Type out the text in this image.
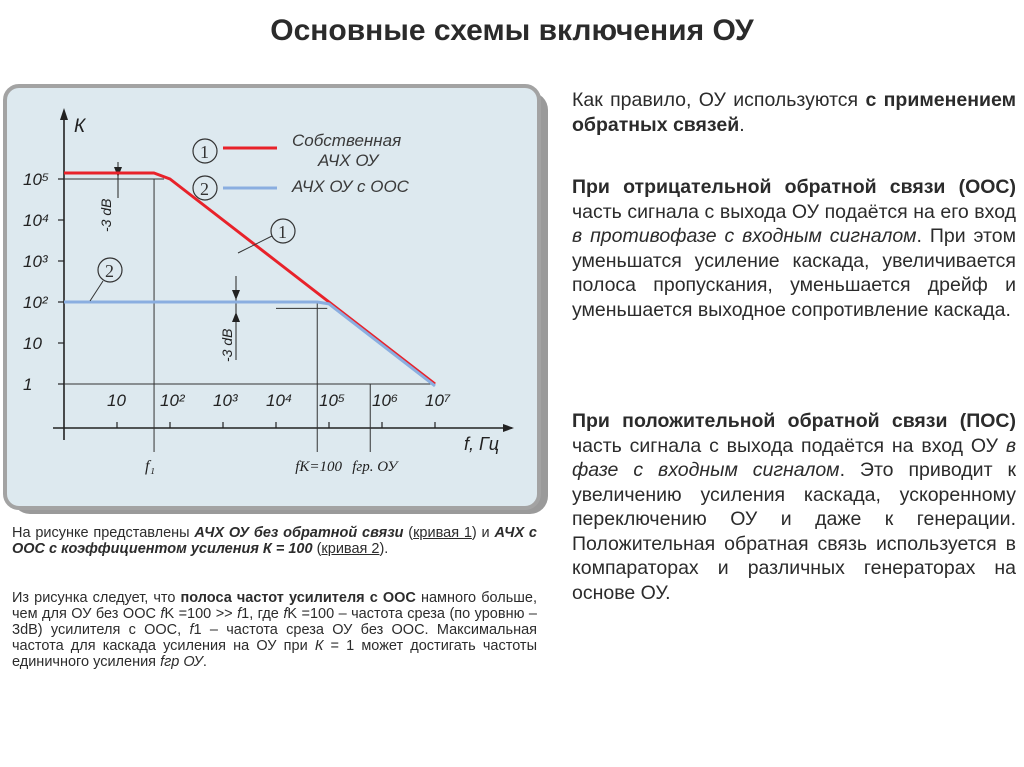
Основные схемы включения ОУ
К
f, Гц
1
10
10²
10³
10⁴
10⁵
10 10² 10³ 10⁴ 10⁵ 10⁶ 10⁷
f₁	fК=100 fгр. ОУ
-3 dB
-3 dB
1
Собственная
АЧХ ОУ
2	АЧХ ОУ с ООС
1
2
На рисунке представлены АЧХ ОУ без обратной связи (кривая 1) и АЧХ с ООС с коэффициентом усиления К = 100 (кривая 2).
Из рисунка следует, что полоса частот усилителя с ООС намного больше, чем для ОУ без ООС fK =100 >> f1, где fK =100 – частота среза (по уровню –3dB) усилителя с ООС, f1 – частота среза ОУ без ООС. Максимальная частота для каскада усиления на ОУ при К = 1 может достигать частоты единичного усиления fгр ОУ.
Как правило, ОУ используются с применением обратных связей.
При отрицательной обратной связи (ООС) часть сигнала с выхода ОУ подаётся на его вход в противофазе с входным сигналом. При этом уменьшатся усиление каскада, увеличивается полоса пропускания, уменьшается дрейф и уменьшается выходное сопротивление каскада.
При положительной обратной связи (ПОС) часть сигнала с выхода подаётся на вход ОУ в фазе с входным сигналом. Это приводит к увеличению усиления каскада, ускоренному переключению ОУ и даже к генерации. Положительная обратная связь используется в компараторах и различных генераторах на основе ОУ.
